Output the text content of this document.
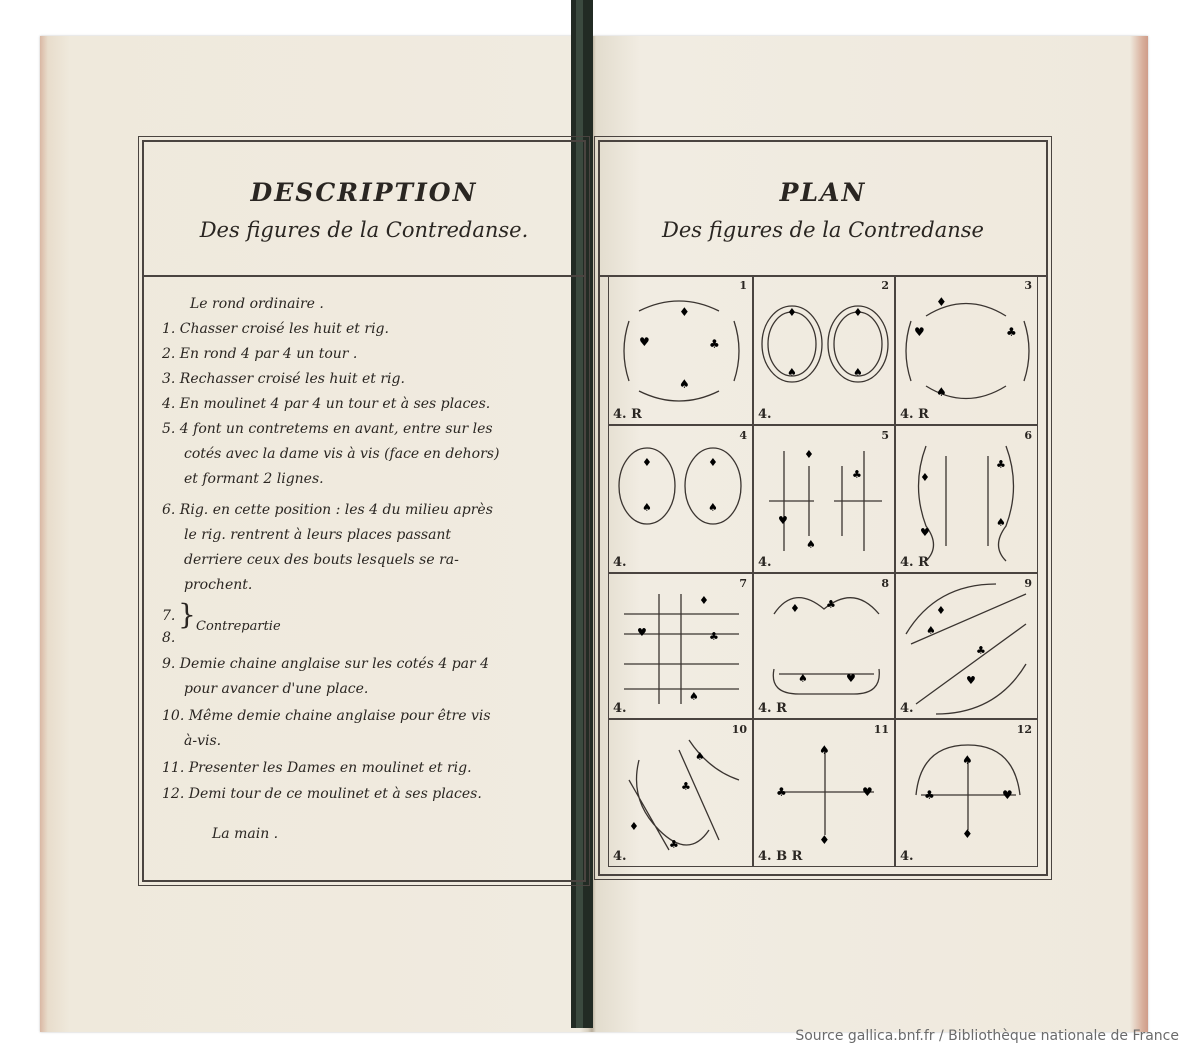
DESCRIPTION
Des figures de la Contredanse.
Le rond ordinaire .
1. Chasser croisé les huit et rig.
2. En rond 4 par 4 un tour .
3. Rechasser croisé les huit et rig.
4. En moulinet 4 par 4 un tour et à ses places.
5. 4 font un contretems en avant, entre sur les
cotés avec la dame vis à vis (face en dehors)
et formant 2 lignes.
6. Rig. en cette position : les 4 du milieu après
le rig. rentrent à leurs places passant
derriere ceux des bouts lesquels se ra-
prochent.
7.
8.
} Contrepartie
9. Demie chaine anglaise sur les cotés 4 par 4
pour avancer d'une place.
10. Même demie chaine anglaise pour être vis
à-vis.
11. Presenter les Dames en moulinet et rig.
12. Demi tour de ce moulinet et à ses places.
La main .
PLAN
Des figures de la Contredanse
♦
♥	♣
♠
1
4. R
♦	♦
♠	♠
2
4.
♦
♥	♣
♠
3
4. R
♦	♦
♠	♠
4
4.
♦
♥
♣
♠
5
4.
♦
♣
♥
♠
6
4. R
♦
♥	♣
♠
7
4.
♦ ♣
♠	♥
8
4. R
♦
♠
♣
♥
9
4.
♠
♣
♦
♣
10
4.
♠
♣	♥
♦
11
4. B R
♠
♣	♥
♦
12
4.
Source gallica.bnf.fr / Bibliothèque nationale de France
